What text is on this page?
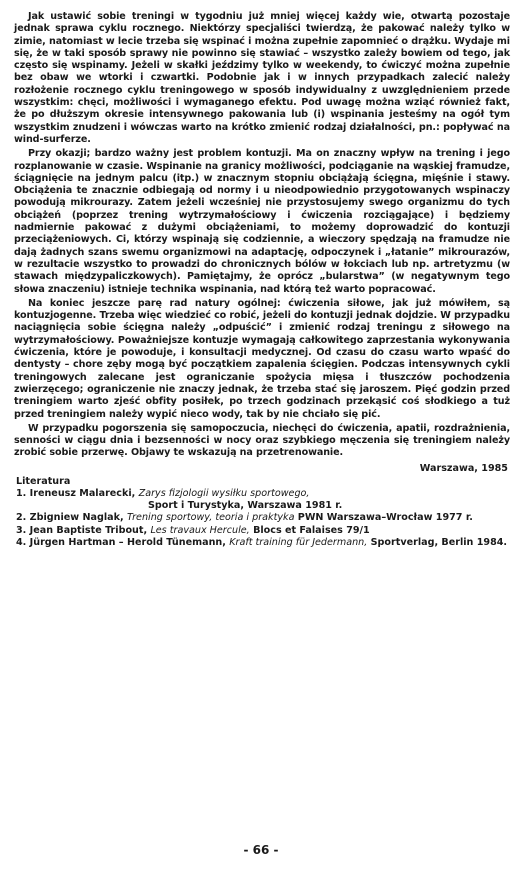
Jak ustawić sobie treningi w tygodniu już mniej więcej każdy wie, otwartą pozostaje jednak sprawa cyklu rocznego. Niektórzy specjaliści twierdzą, że pakować należy tylko w zimie, natomiast w lecie trzeba się wspinać i można zupełnie zapomnieć o drążku. Wydaje mi się, że w taki sposób sprawy nie powinno się stawiać – wszystko zależy bowiem od tego, jak często się wspinamy. Jeżeli w skałki jeździmy tylko w weekendy, to ćwiczyć można zupełnie bez obaw we wtorki i czwartki. Podobnie jak i w innych przypadkach zalecić należy rozłożenie rocznego cyklu treningowego w sposób indywidualny z uwzględnieniem przede wszystkim: chęci, możliwości i wymaganego efektu. Pod uwagę można wziąć również fakt, że po dłuższym okresie intensywnego pakowania lub (i) wspinania jesteśmy na ogół tym wszystkim znudzeni i wówczas warto na krótko zmienić rodzaj działalności, pn.: popływać na wind-surferze.

Przy okazji; bardzo ważny jest problem kontuzji. Ma on znaczny wpływ na trening i jego rozplanowanie w czasie. Wspinanie na granicy możliwości, podciąganie na wąskiej framudze, ściągnięcie na jednym palcu (itp.) w znacznym stopniu obciążają ścięgna, mięśnie i stawy. Obciążenia te znacznie odbiegają od normy i u nieodpowiednio przygotowanych wspinaczy powodują mikrourazy. Zatem jeżeli wcześniej nie przystosujemy swego organizmu do tych obciążeń (poprzez trening wytrzymałościowy i ćwiczenia rozciągające) i będziemy nadmiernie pakować z dużymi obciążeniami, to możemy doprowadzić do kontuzji przeciążeniowych. Ci, którzy wspinają się codziennie, a wieczory spędzają na framudze nie dają żadnych szans swemu organizmowi na adaptację, odpoczynek i „łatanie” mikrourazów, w rezultacie wszystko to prowadzi do chronicznych bólów w łokciach lub np. artretyzmu (w stawach międzypaliczkowych). Pamiętajmy, że oprócz „bularstwa” (w negatywnym tego słowa znaczeniu) istnieje technika wspinania, nad którą też warto popracować.

Na koniec jeszcze parę rad natury ogólnej: ćwiczenia siłowe, jak już mówiłem, są kontuzjogenne. Trzeba więc wiedzieć co robić, jeżeli do kontuzji jednak dojdzie. W przypadku naciągnięcia sobie ścięgna należy „odpuścić” i zmienić rodzaj treningu z siłowego na wytrzymałościowy. Poważniejsze kontuzje wymagają całkowitego zaprzestania wykonywania ćwiczenia, które je powoduje, i konsultacji medycznej. Od czasu do czasu warto wpaść do dentysty – chore zęby mogą być początkiem zapalenia ścięgien. Podczas intensywnych cykli treningowych zalecane jest ograniczanie spożycia mięsa i tłuszczów pochodzenia zwierzęcego; ograniczenie nie znaczy jednak, że trzeba stać się jaroszem. Pięć godzin przed treningiem warto zjeść obfity posiłek, po trzech godzinach przekąsić coś słodkiego a tuż przed treningiem należy wypić nieco wody, tak by nie chciało się pić.

W przypadku pogorszenia się samopoczucia, niechęci do ćwiczenia, apatii, rozdrażnienia, senności w ciągu dnia i bezsenności w nocy oraz szybkiego męczenia się treningiem należy zrobić sobie przerwę. Objawy te wskazują na przetrenowanie.

Warszawa, 1985
Literatura
1. Ireneusz Malarecki, Zarys fizjologii wysiłku sportowego,
Sport i Turystyka, Warszawa 1981 r.
2. Zbigniew Naglak, Trening sportowy, teoria i praktyka PWN Warszawa–Wrocław 1977 r.
3. Jean Baptiste Tribout, Les travaux Hercule, Blocs et Falaises 79/1
4. Jürgen Hartman – Herold Tünemann, Kraft training für Jedermann, Sportverlag, Berlin 1984.
- 66 -
